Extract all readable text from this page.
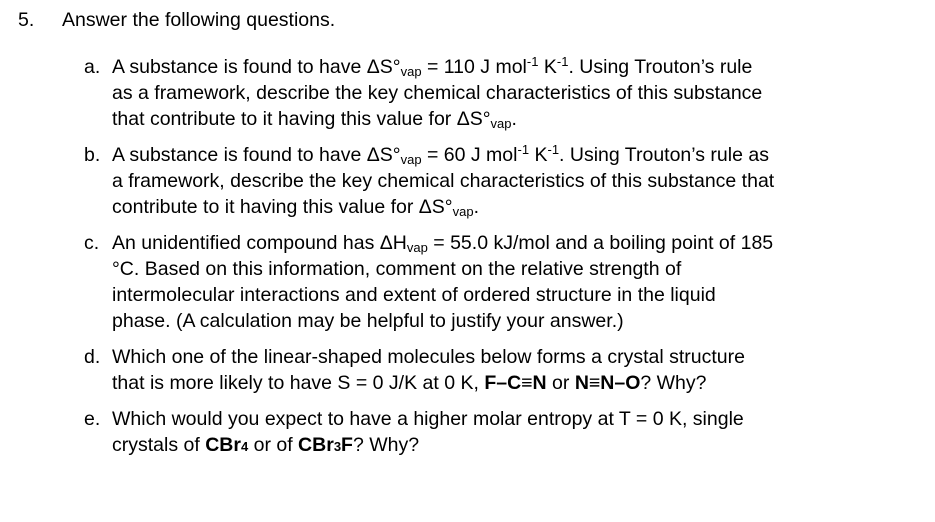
5. Answer the following questions.
a. A substance is found to have $\Delta S^\circ_{vap} = 110$ J mol$^{-1}$ $K^{-1}$. Using Trouton’s rule
as a framework, describe the key chemical characteristics of this substance
that contribute to it having this value for $\Delta S^\circ_{vap}$.
b. A substance is found to have $\Delta S^\circ_{vap} = 60$ J mol$^{-1}$ $K^{-1}$. Using Trouton’s rule as
a framework, describe the key chemical characteristics of this substance that
contribute to it having this value for $\Delta S^\circ_{vap}$.
c. An unidentified compound has $\Delta H_{vap} = 55.0$ kJ/mol and a boiling point of 185
°C. Based on this information, comment on the relative strength of
intermolecular interactions and extent of ordered structure in the liquid
phase. (A calculation may be helpful to justify your answer.)
d. Which one of the linear-shaped molecules below forms a crystal structure
that is more likely to have S = 0 J/K at 0 K, F–C≡N or N≡N–O? Why?
e. Which would you expect to have a higher molar entropy at T = 0 K, single
crystals of CBr4 or of CBr3F? Why?
